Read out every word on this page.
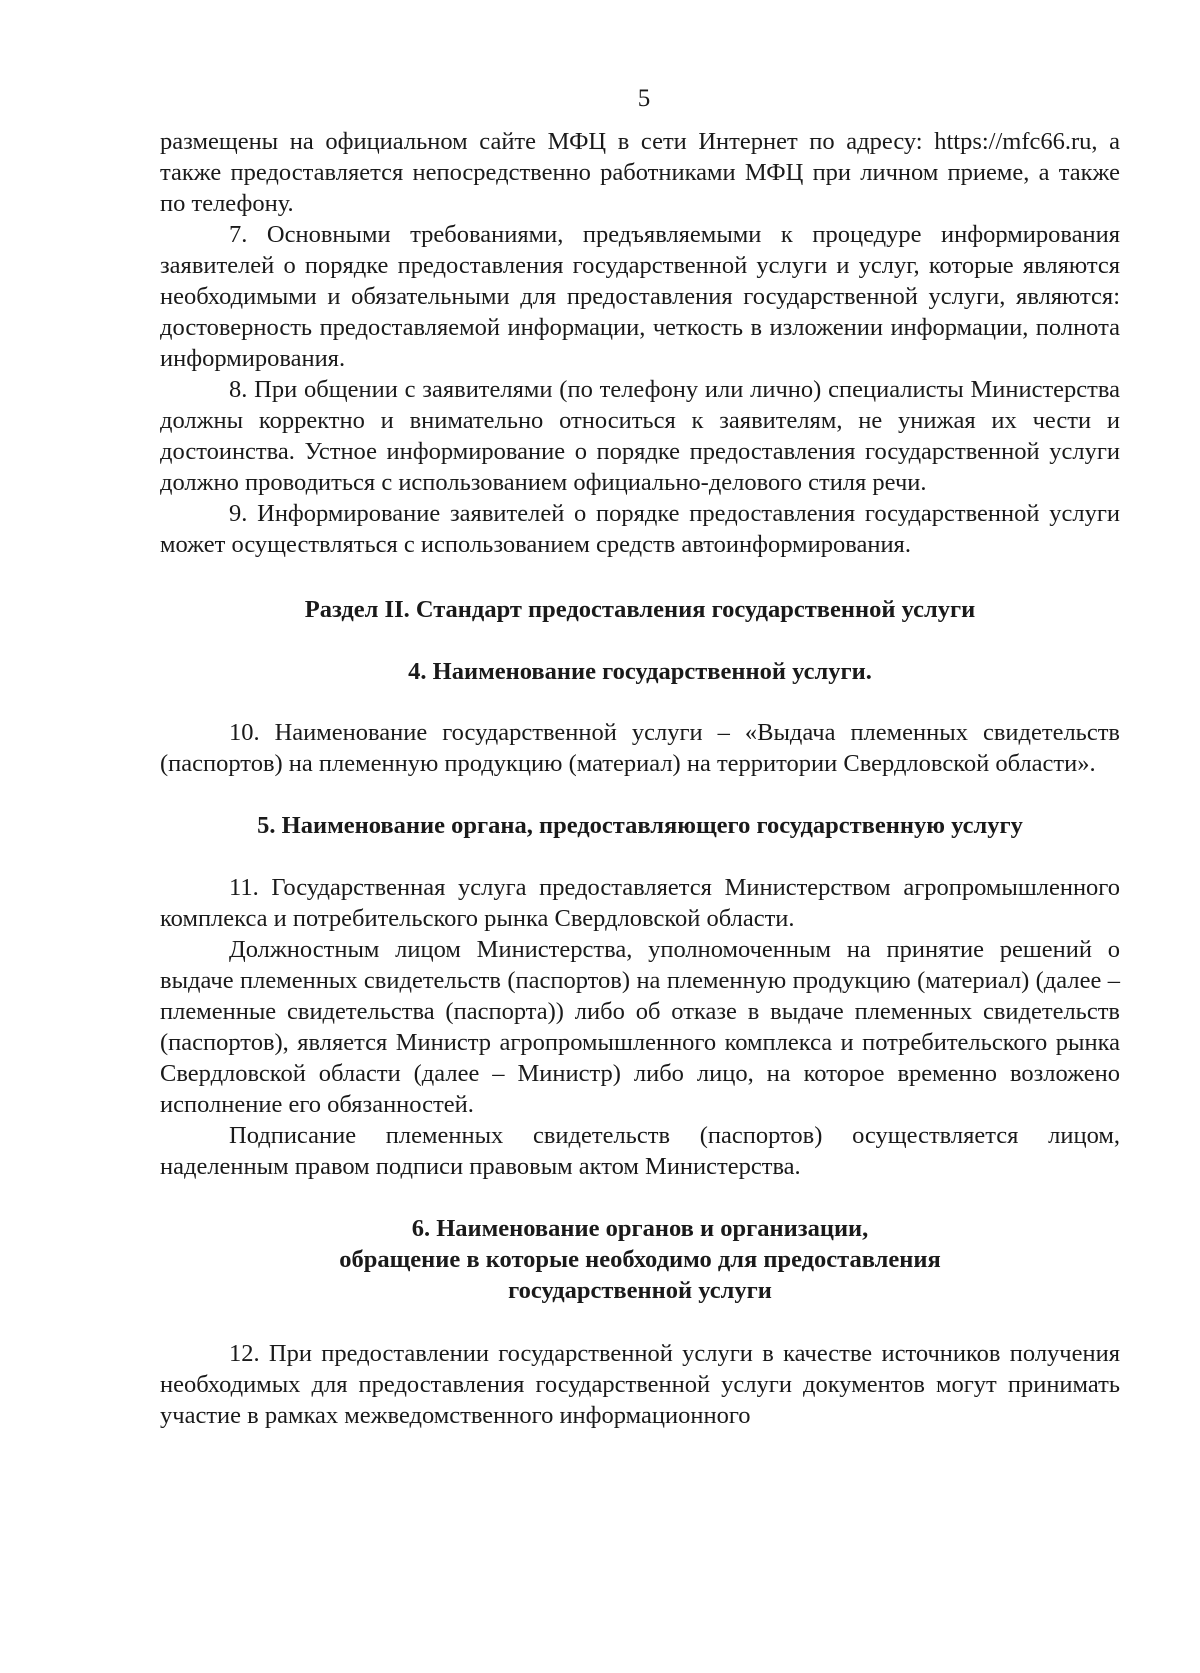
5

размещены на официальном сайте МФЦ в сети Интернет по адресу: https://mfc66.ru, а также предоставляется непосредственно работниками МФЦ при личном приеме, а также по телефону.

7. Основными требованиями, предъявляемыми к процедуре информирования заявителей о порядке предоставления государственной услуги и услуг, которые являются необходимыми и обязательными для предоставления государственной услуги, являются: достоверность предоставляемой информации, четкость в изложении информации, полнота информирования.

8. При общении с заявителями (по телефону или лично) специалисты Министерства должны корректно и внимательно относиться к заявителям, не унижая их чести и достоинства. Устное информирование о порядке предоставления государственной услуги должно проводиться с использованием официально-делового стиля речи.

9. Информирование заявителей о порядке предоставления государственной услуги может осуществляться с использованием средств автоинформирования.

Раздел II. Стандарт предоставления государственной услуги
4. Наименование государственной услуги.

10. Наименование государственной услуги – «Выдача племенных свидетельств (паспортов) на племенную продукцию (материал) на территории Свердловской области».

5. Наименование органа, предоставляющего государственную услугу

11. Государственная услуга предоставляется Министерством агропромышленного комплекса и потребительского рынка Свердловской области.

Должностным лицом Министерства, уполномоченным на принятие решений о выдаче племенных свидетельств (паспортов) на племенную продукцию (материал) (далее – племенные свидетельства (паспорта)) либо об отказе в выдаче племенных свидетельств (паспортов), является Министр агропромышленного комплекса и потребительского рынка Свердловской области (далее – Министр) либо лицо, на которое временно возложено исполнение его обязанностей.

Подписание племенных свидетельств (паспортов) осуществляется лицом, наделенным правом подписи правовым актом Министерства.

6. Наименование органов и организации,
обращение в которые необходимо для предоставления
государственной услуги

12. При предоставлении государственной услуги в качестве источников получения необходимых для предоставления государственной услуги документов могут принимать участие в рамках межведомственного информационного
